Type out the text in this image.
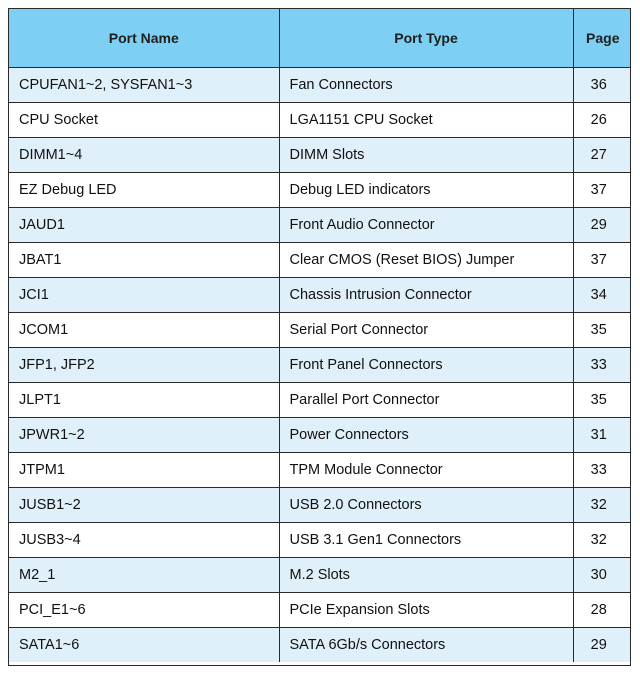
Port Name	Port Type	Page
CPUFAN1~2, SYSFAN1~3	Fan Connectors	36
CPU Socket	LGA1151 CPU Socket	26
DIMM1~4	DIMM Slots	27
EZ Debug LED	Debug LED indicators	37
JAUD1	Front Audio Connector	29
JBAT1	Clear CMOS (Reset BIOS) Jumper	37
JCI1	Chassis Intrusion Connector	34
JCOM1	Serial Port Connector	35
JFP1, JFP2	Front Panel Connectors	33
JLPT1	Parallel Port Connector	35
JPWR1~2	Power Connectors	31
JTPM1	TPM Module Connector	33
JUSB1~2	USB 2.0 Connectors	32
JUSB3~4	USB 3.1 Gen1 Connectors	32
M2_1	M.2 Slots	30
PCI_E1~6	PCIe Expansion Slots	28
SATA1~6	SATA 6Gb/s Connectors	29
